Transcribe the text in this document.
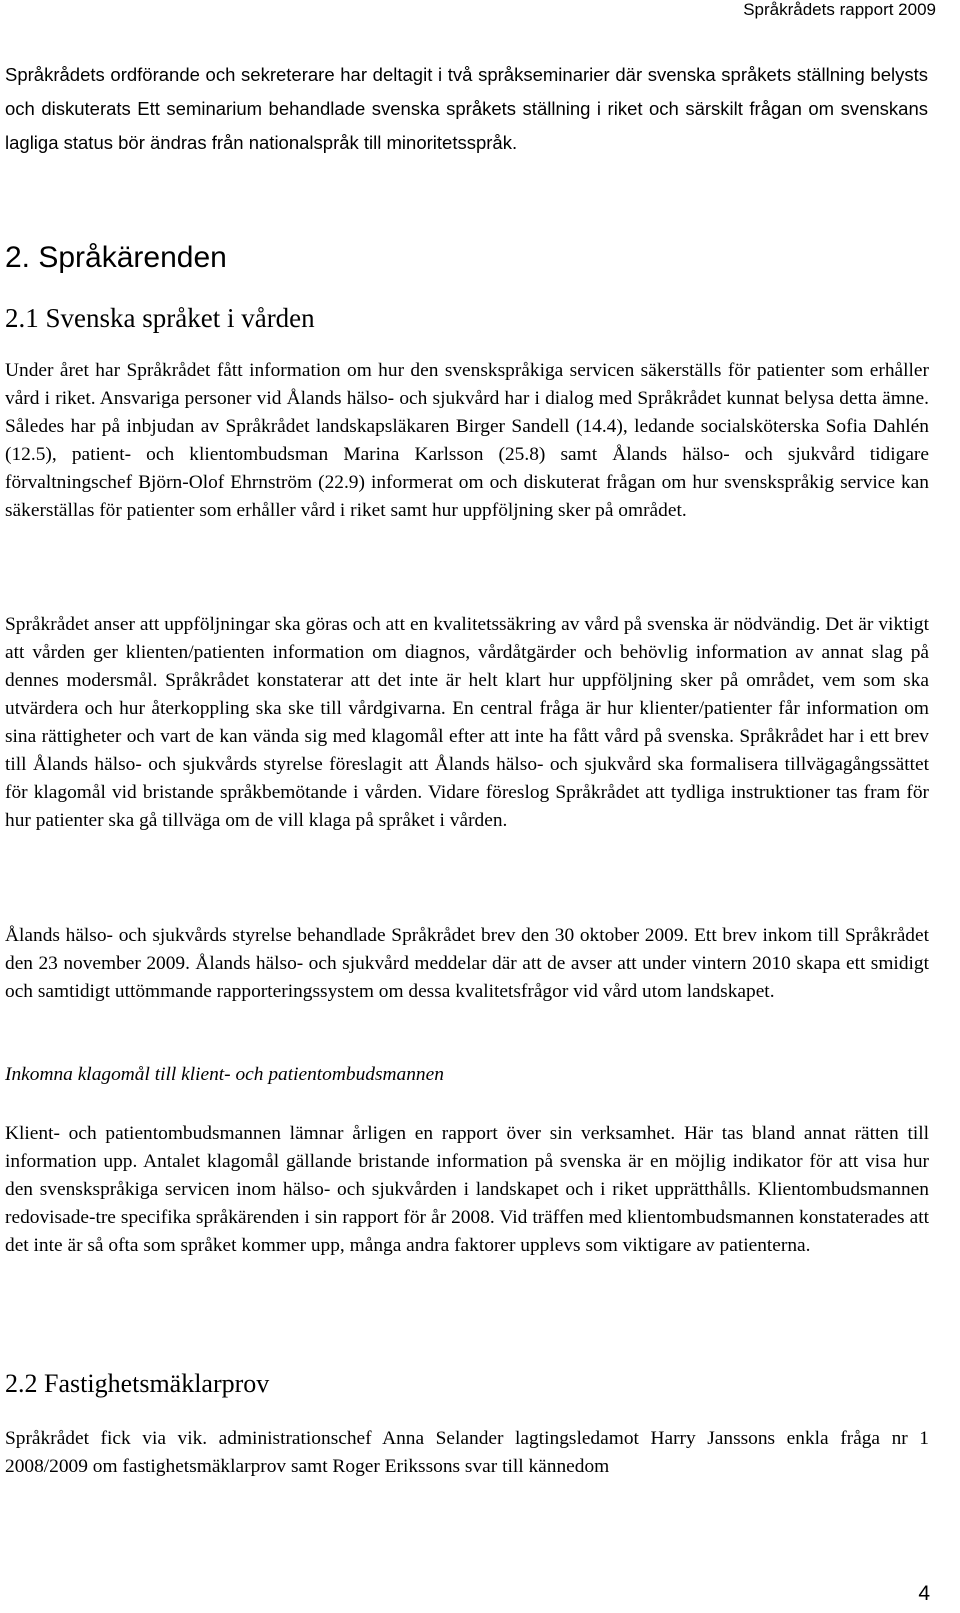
Språkrådets rapport 2009

Språkrådets ordförande och sekreterare har deltagit i två språkseminarier där svenska språkets ställning belysts och diskuterats Ett seminarium behandlade svenska språkets ställning i riket och särskilt frågan om svenskans lagliga status bör ändras från nationalspråk till minoritetsspråk.

2. Språkärenden
2.1 Svenska språket i vården

Under året har Språkrådet fått information om hur den svenskspråkiga servicen säkerställs för patienter som erhåller vård i riket. Ansvariga personer vid Ålands hälso- och sjukvård har i dialog med Språkrådet kunnat belysa detta ämne. Således har på inbjudan av Språkrådet landskapsläkaren Birger Sandell (14.4), ledande socialsköterska Sofia Dahlén (12.5), patient- och klientombudsman Marina Karlsson (25.8) samt Ålands hälso- och sjukvård tidigare förvaltningschef Björn-Olof Ehrnström (22.9) informerat om och diskuterat frågan om hur svenskspråkig service kan säkerställas för patienter som erhåller vård i riket samt hur uppföljning sker på området.

Språkrådet anser att uppföljningar ska göras och att en kvalitetssäkring av vård på svenska är nödvändig. Det är viktigt att vården ger klienten/patienten information om diagnos, vårdåtgärder och behövlig information av annat slag på dennes modersmål. Språkrådet konstaterar att det inte är helt klart hur uppföljning sker på området, vem som ska utvärdera och hur återkoppling ska ske till vårdgivarna. En central fråga är hur klienter/patienter får information om sina rättigheter och vart de kan vända sig med klagomål efter att inte ha fått vård på svenska. Språkrådet har i ett brev till Ålands hälso- och sjukvårds styrelse föreslagit att Ålands hälso- och sjukvård ska formalisera tillvägagångssättet för klagomål vid bristande språkbemötande i vården. Vidare föreslog Språkrådet att tydliga instruktioner tas fram för hur patienter ska gå tillväga om de vill klaga på språket i vården.

Ålands hälso- och sjukvårds styrelse behandlade Språkrådet brev den 30 oktober 2009. Ett brev inkom till Språkrådet den 23 november 2009. Ålands hälso- och sjukvård meddelar där att de avser att under vintern 2010 skapa ett smidigt och samtidigt uttömmande rapporteringssystem om dessa kvalitetsfrågor vid vård utom landskapet.

Inkomna klagomål till klient- och patientombudsmannen

Klient- och patientombudsmannen lämnar årligen en rapport över sin verksamhet. Här tas bland annat rätten till information upp. Antalet klagomål gällande bristande information på svenska är en möjlig indikator för att visa hur den svenskspråkiga servicen inom hälso- och sjukvården i landskapet och i riket upprätthålls. Klientombudsmannen redovisade-tre specifika språkärenden i sin rapport för år 2008. Vid träffen med klientombudsmannen konstaterades att det inte är så ofta som språket kommer upp, många andra faktorer upplevs som viktigare av patienterna.

2.2 Fastighetsmäklarprov

Språkrådet fick via vik. administrationschef Anna Selander lagtingsledamot Harry Janssons enkla fråga nr 1 2008/2009 om fastighetsmäklarprov samt Roger Erikssons svar till kännedom

4
